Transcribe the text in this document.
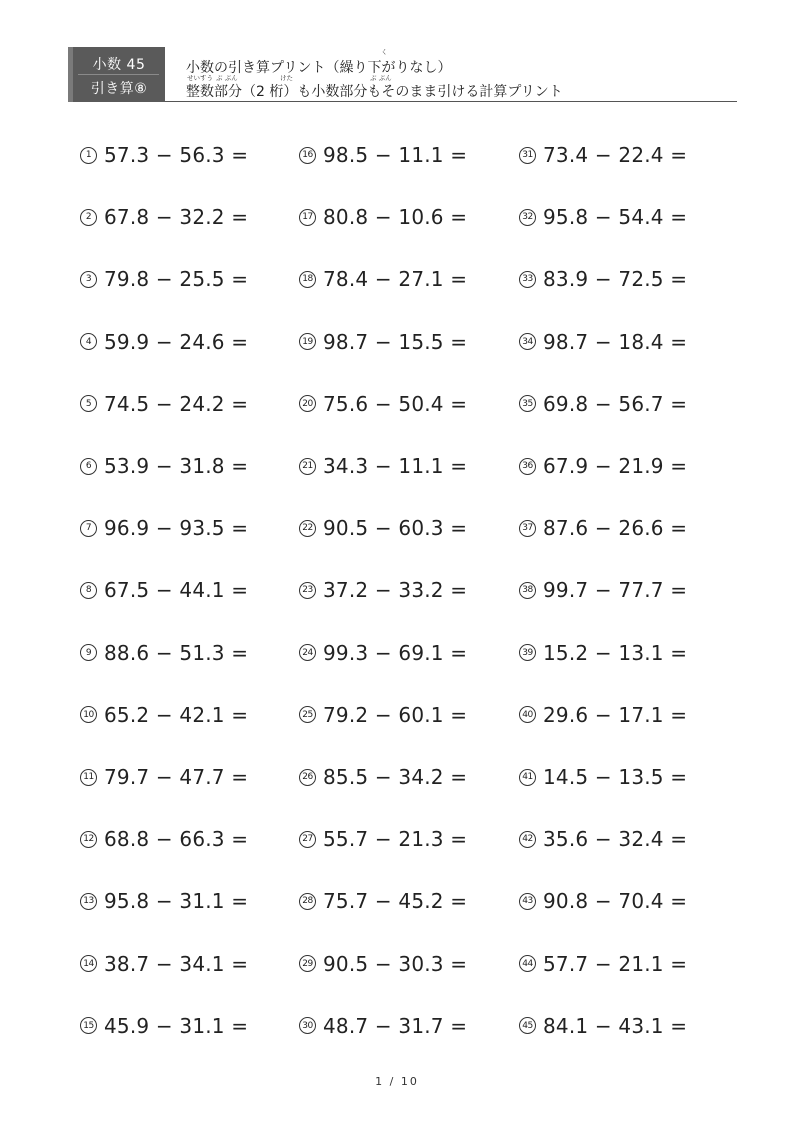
小数 45
引き算⑧
く
小数の引き算プリント（繰り下がりなし）
せいすう ぶ ぶん	けた	ぶ ぶん
整数部分（2 桁）も小数部分もそのまま引ける計算プリント
1 57.3 − 56.3 =
2 67.8 − 32.2 =
3 79.8 − 25.5 =
4 59.9 − 24.6 =
5 74.5 − 24.2 =
6 53.9 − 31.8 =
7 96.9 − 93.5 =
8 67.5 − 44.1 =
9 88.6 − 51.3 =
10 65.2 − 42.1 =
11 79.7 − 47.7 =
12 68.8 − 66.3 =
13 95.8 − 31.1 =
14 38.7 − 34.1 =
15 45.9 − 31.1 =
16 98.5 − 11.1 =
17 80.8 − 10.6 =
18 78.4 − 27.1 =
19 98.7 − 15.5 =
20 75.6 − 50.4 =
21 34.3 − 11.1 =
22 90.5 − 60.3 =
23 37.2 − 33.2 =
24 99.3 − 69.1 =
25 79.2 − 60.1 =
26 85.5 − 34.2 =
27 55.7 − 21.3 =
28 75.7 − 45.2 =
29 90.5 − 30.3 =
30 48.7 − 31.7 =
31 73.4 − 22.4 =
32 95.8 − 54.4 =
33 83.9 − 72.5 =
34 98.7 − 18.4 =
35 69.8 − 56.7 =
36 67.9 − 21.9 =
37 87.6 − 26.6 =
38 99.7 − 77.7 =
39 15.2 − 13.1 =
40 29.6 − 17.1 =
41 14.5 − 13.5 =
42 35.6 − 32.4 =
43 90.8 − 70.4 =
44 57.7 − 21.1 =
45 84.1 − 43.1 =
1 / 10
